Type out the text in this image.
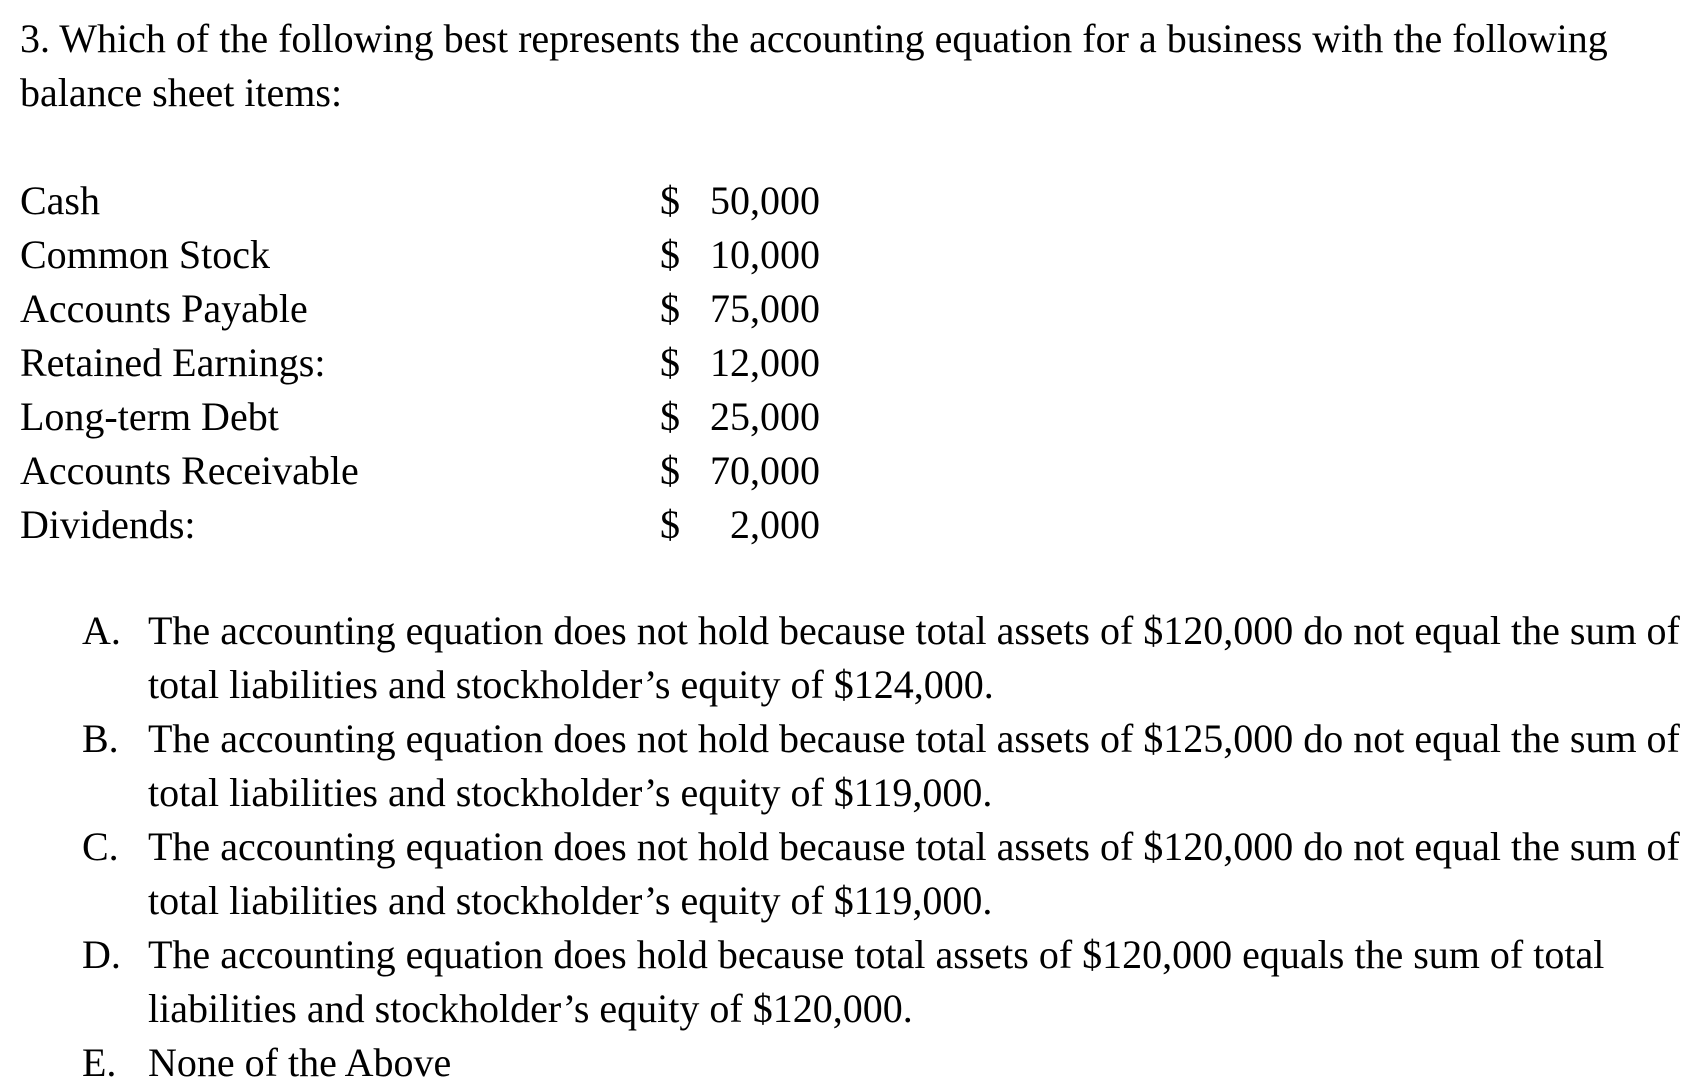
3. Which of the following best represents the accounting equation for a business with the following balance sheet items:

Cash	$ 50,000
Common Stock	$ 10,000
Accounts Payable	$ 75,000
Retained Earnings:	$ 12,000
Long-term Debt	$ 25,000
Accounts Receivable	$ 70,000
Dividends:	$	2,000
A. The accounting equation does not hold because total assets of $120,000 do not equal the sum of total liabilities and stockholder’s equity of $124,000.
B. The accounting equation does not hold because total assets of $125,000 do not equal the sum of total liabilities and stockholder’s equity of $119,000.
C. The accounting equation does not hold because total assets of $120,000 do not equal the sum of total liabilities and stockholder’s equity of $119,000.
D. The accounting equation does hold because total assets of $120,000 equals the sum of total liabilities and stockholder’s equity of $120,000.
E. None of the Above
